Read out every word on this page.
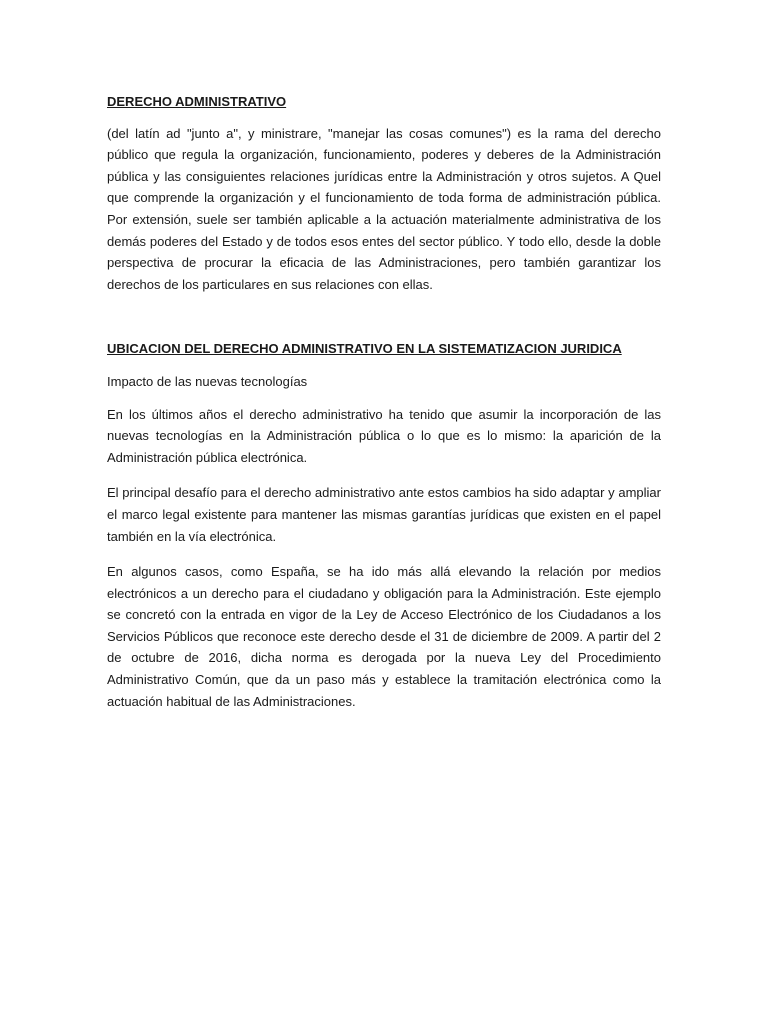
DERECHO ADMINISTRATIVO

(del latín ad "junto a", y ministrare, "manejar las cosas comunes") es la rama del derecho público que regula la organización, funcionamiento, poderes y deberes de la Administración pública y las consiguientes relaciones jurídicas entre la Administración y otros sujetos. A Quel que comprende la organización y el funcionamiento de toda forma de administración pública. Por extensión, suele ser también aplicable a la actuación materialmente administrativa de los demás poderes del Estado y de todos esos entes del sector público. Y todo ello, desde la doble perspectiva de procurar la eficacia de las Administraciones, pero también garantizar los derechos de los particulares en sus relaciones con ellas.

UBICACION DEL DERECHO ADMINISTRATIVO EN LA SISTEMATIZACION JURIDICA

Impacto de las nuevas tecnologías

En los últimos años el derecho administrativo ha tenido que asumir la incorporación de las nuevas tecnologías en la Administración pública o lo que es lo mismo: la aparición de la Administración pública electrónica.

El principal desafío para el derecho administrativo ante estos cambios ha sido adaptar y ampliar el marco legal existente para mantener las mismas garantías jurídicas que existen en el papel también en la vía electrónica.

En algunos casos, como España, se ha ido más allá elevando la relación por medios electrónicos a un derecho para el ciudadano y obligación para la Administración. Este ejemplo se concretó con la entrada en vigor de la Ley de Acceso Electrónico de los Ciudadanos a los Servicios Públicos que reconoce este derecho desde el 31 de diciembre de 2009. A partir del 2 de octubre de 2016, dicha norma es derogada por la nueva Ley del Procedimiento Administrativo Común, que da un paso más y establece la tramitación electrónica como la actuación habitual de las Administraciones.
